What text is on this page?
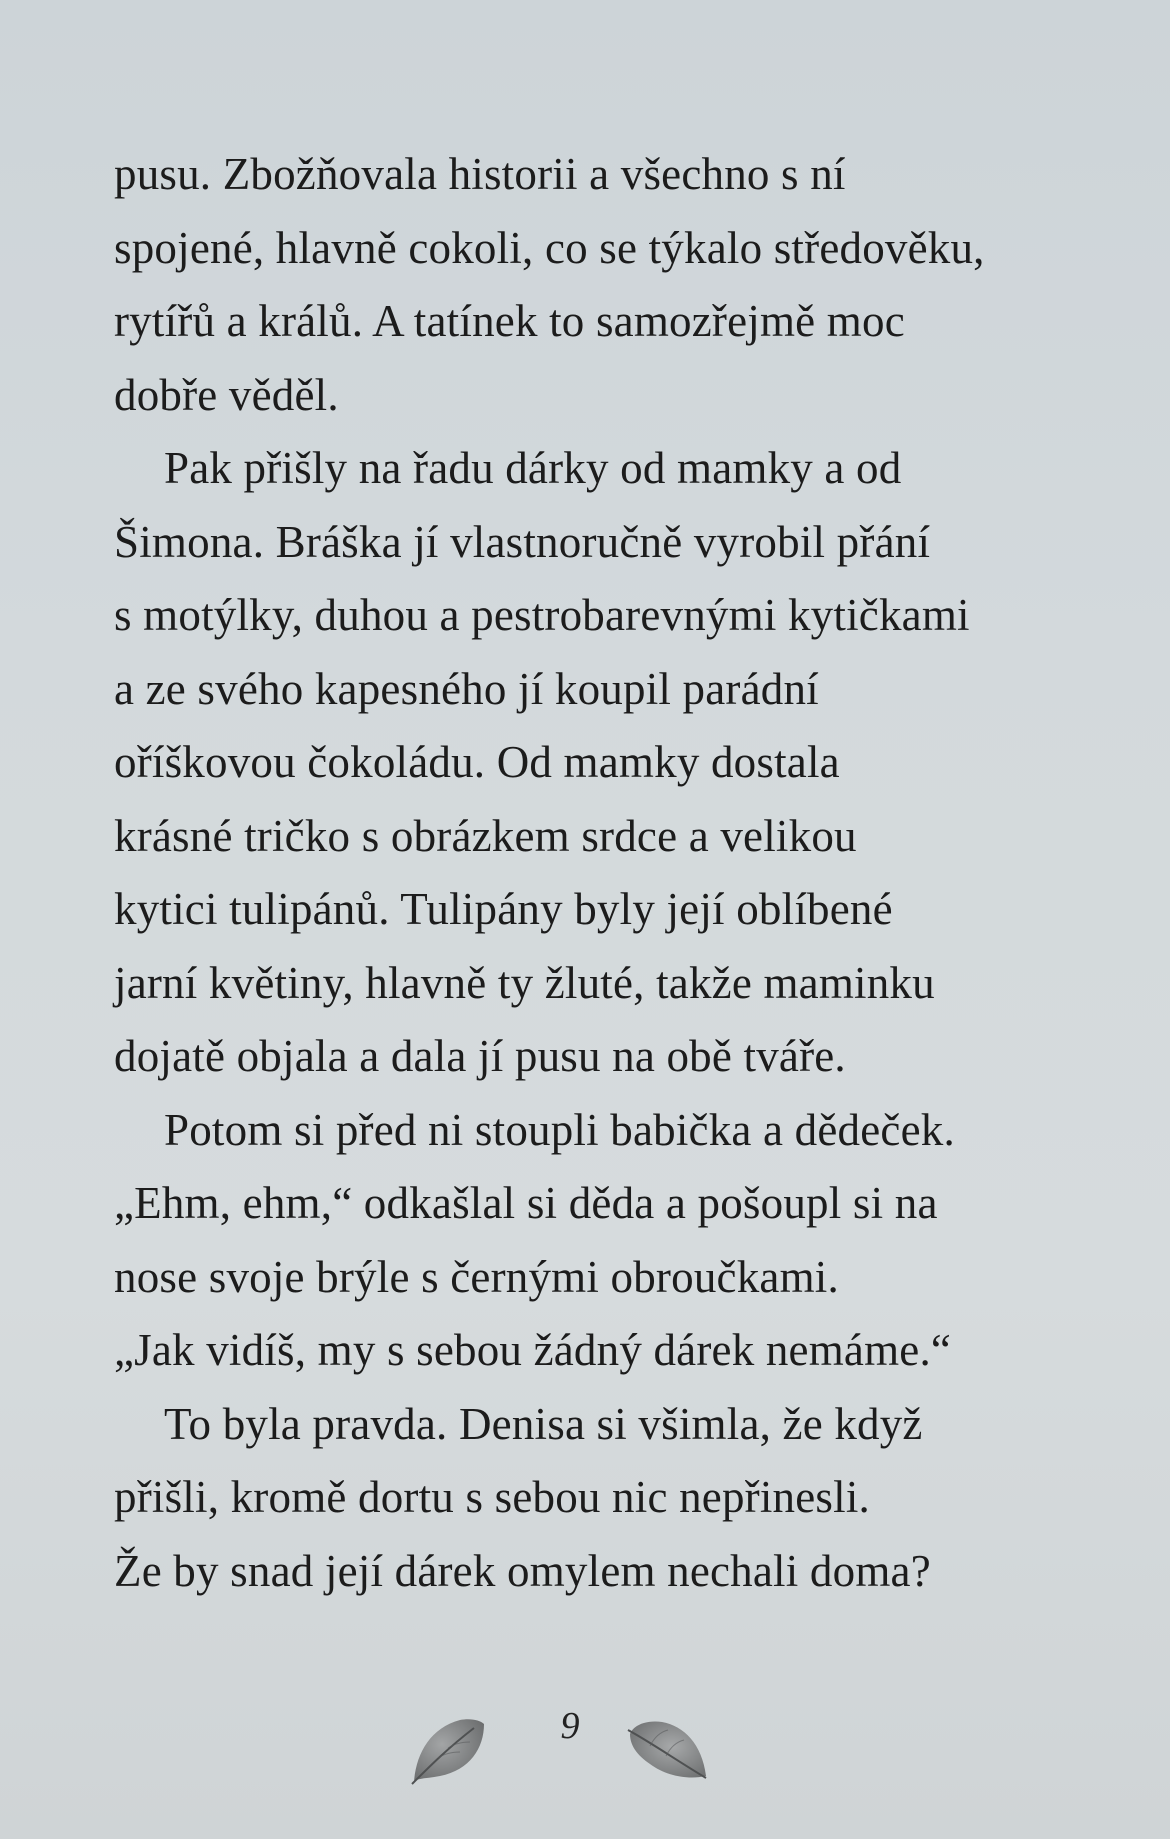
pusu. Zbožňovala historii a všechno s ní
spojené, hlavně cokoli, co se týkalo středověku,
rytířů a králů. A tatínek to samozřejmě moc
dobře věděl.
Pak přišly na řadu dárky od mamky a od
Šimona. Bráška jí vlastnoručně vyrobil přání
s motýlky, duhou a pestrobarevnými kytičkami
a ze svého kapesného jí koupil parádní
oříškovou čokoládu. Od mamky dostala
krásné tričko s obrázkem srdce a velikou
kytici tulipánů. Tulipány byly její oblíbené
jarní květiny, hlavně ty žluté, takže maminku
dojatě objala a dala jí pusu na obě tváře.
Potom si před ni stoupli babička a dědeček.
„Ehm, ehm,“ odkašlal si děda a pošoupl si na
nose svoje brýle s černými obroučkami.
„Jak vidíš, my s sebou žádný dárek nemáme.“
To byla pravda. Denisa si všimla, že když
přišli, kromě dortu s sebou nic nepřinesli.
Že by snad její dárek omylem nechali doma?
9
